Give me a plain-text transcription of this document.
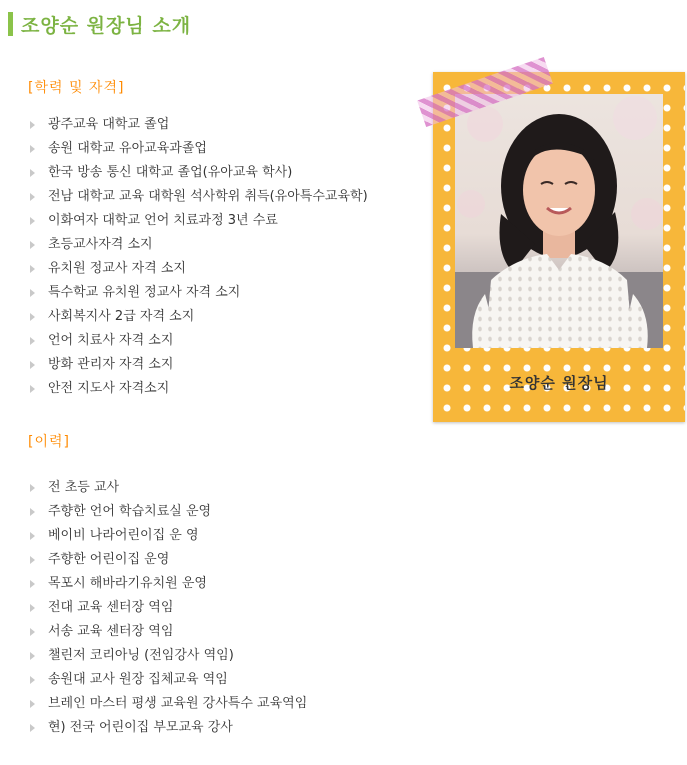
조양순 원장님 소개
[학력 및 자격]
광주교육 대학교 졸업
송원 대학교 유아교육과졸업
한국 방송 통신 대학교 졸업(유아교육 학사)
전남 대학교 교육 대학원 석사학위 취득(유아특수교육학)
이화여자 대학교 언어 치료과정 3년 수료
초등교사자격 소지
유치원 정교사 자격 소지
특수학교 유치원 정교사 자격 소지
사회복지사 2급 자격 소지
언어 치료사 자격 소지
방화 관리자 자격 소지
안전 지도사 자격소지
[이력]
전 초등 교사
주향한 언어 학습치료실 운영
베이비 나라어린이집 운 영
주향한 어린이집 운영
목포시 해바라기유치원 운영
전대 교육 센터장 역임
서송 교육 센터장 역임
챌린저 코리아닝 (전임강사 역임)
송원대 교사 원장 집체교육 역임
브레인 마스터 평생 교육원 강사특수 교육역임
현) 전국 어린이집 부모교육 강사
조양순 원장님
